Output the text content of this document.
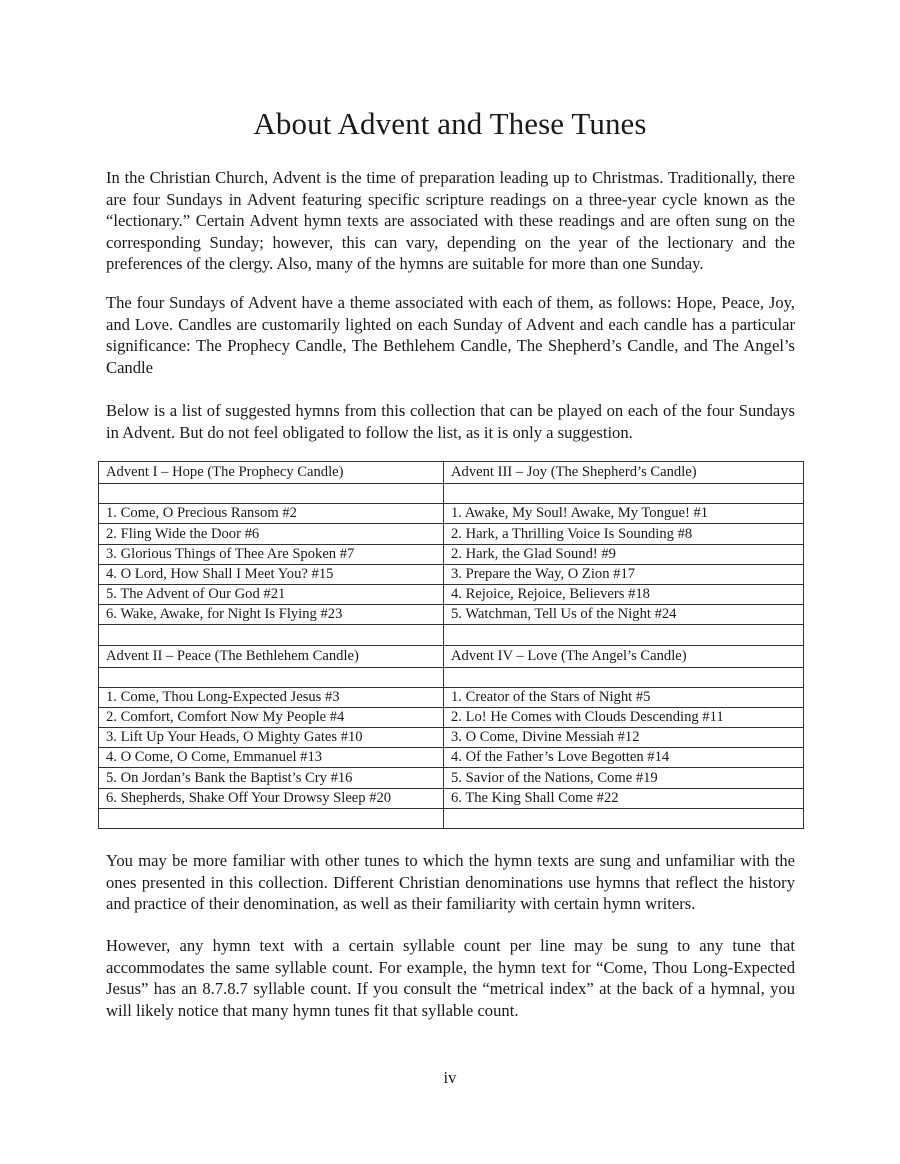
About Advent and These Tunes

In the Christian Church, Advent is the time of preparation leading up to Christmas. Traditionally, there are four Sundays in Advent featuring specific scripture readings on a three-year cycle known as the “lectionary.” Certain Advent hymn texts are associated with these readings and are often sung on the corresponding Sunday; however, this can vary, depending on the year of the lectionary and the preferences of the clergy. Also, many of the hymns are suitable for more than one Sunday.

The four Sundays of Advent have a theme associated with each of them, as follows: Hope, Peace, Joy, and Love. Candles are customarily lighted on each Sunday of Advent and each candle has a particular significance: The Prophecy Candle, The Bethlehem Candle, The Shepherd’s Candle, and The Angel’s Candle

Below is a list of suggested hymns from this collection that can be played on each of the four Sundays in Advent. But do not feel obligated to follow the list, as it is only a suggestion.

Advent I – Hope (The Prophecy Candle)	Advent III – Joy (The Shepherd’s Candle)

1. Come, O Precious Ransom #2	1. Awake, My Soul! Awake, My Tongue! #1
2. Fling Wide the Door #6	2. Hark, a Thrilling Voice Is Sounding #8
3. Glorious Things of Thee Are Spoken #7	2. Hark, the Glad Sound! #9
4. O Lord, How Shall I Meet You? #15	3. Prepare the Way, O Zion #17
5. The Advent of Our God #21	4. Rejoice, Rejoice, Believers #18
6. Wake, Awake, for Night Is Flying #23	5. Watchman, Tell Us of the Night #24

Advent II – Peace (The Bethlehem Candle)	Advent IV – Love (The Angel’s Candle)

1. Come, Thou Long-Expected Jesus #3	1. Creator of the Stars of Night #5
2. Comfort, Comfort Now My People #4	2. Lo! He Comes with Clouds Descending #11
3. Lift Up Your Heads, O Mighty Gates #10	3. O Come, Divine Messiah #12
4. O Come, O Come, Emmanuel #13	4. Of the Father’s Love Begotten #14
5. On Jordan’s Bank the Baptist’s Cry #16	5. Savior of the Nations, Come #19
6. Shepherds, Shake Off Your Drowsy Sleep #20	6. The King Shall Come #22

You may be more familiar with other tunes to which the hymn texts are sung and unfamiliar with the ones presented in this collection. Different Christian denominations use hymns that reflect the history and practice of their denomination, as well as their familiarity with certain hymn writers.

However, any hymn text with a certain syllable count per line may be sung to any tune that accommodates the same syllable count. For example, the hymn text for “Come, Thou Long-Expected Jesus” has an 8.7.8.7 syllable count. If you consult the “metrical index” at the back of a hymnal, you will likely notice that many hymn tunes fit that syllable count.

iv
